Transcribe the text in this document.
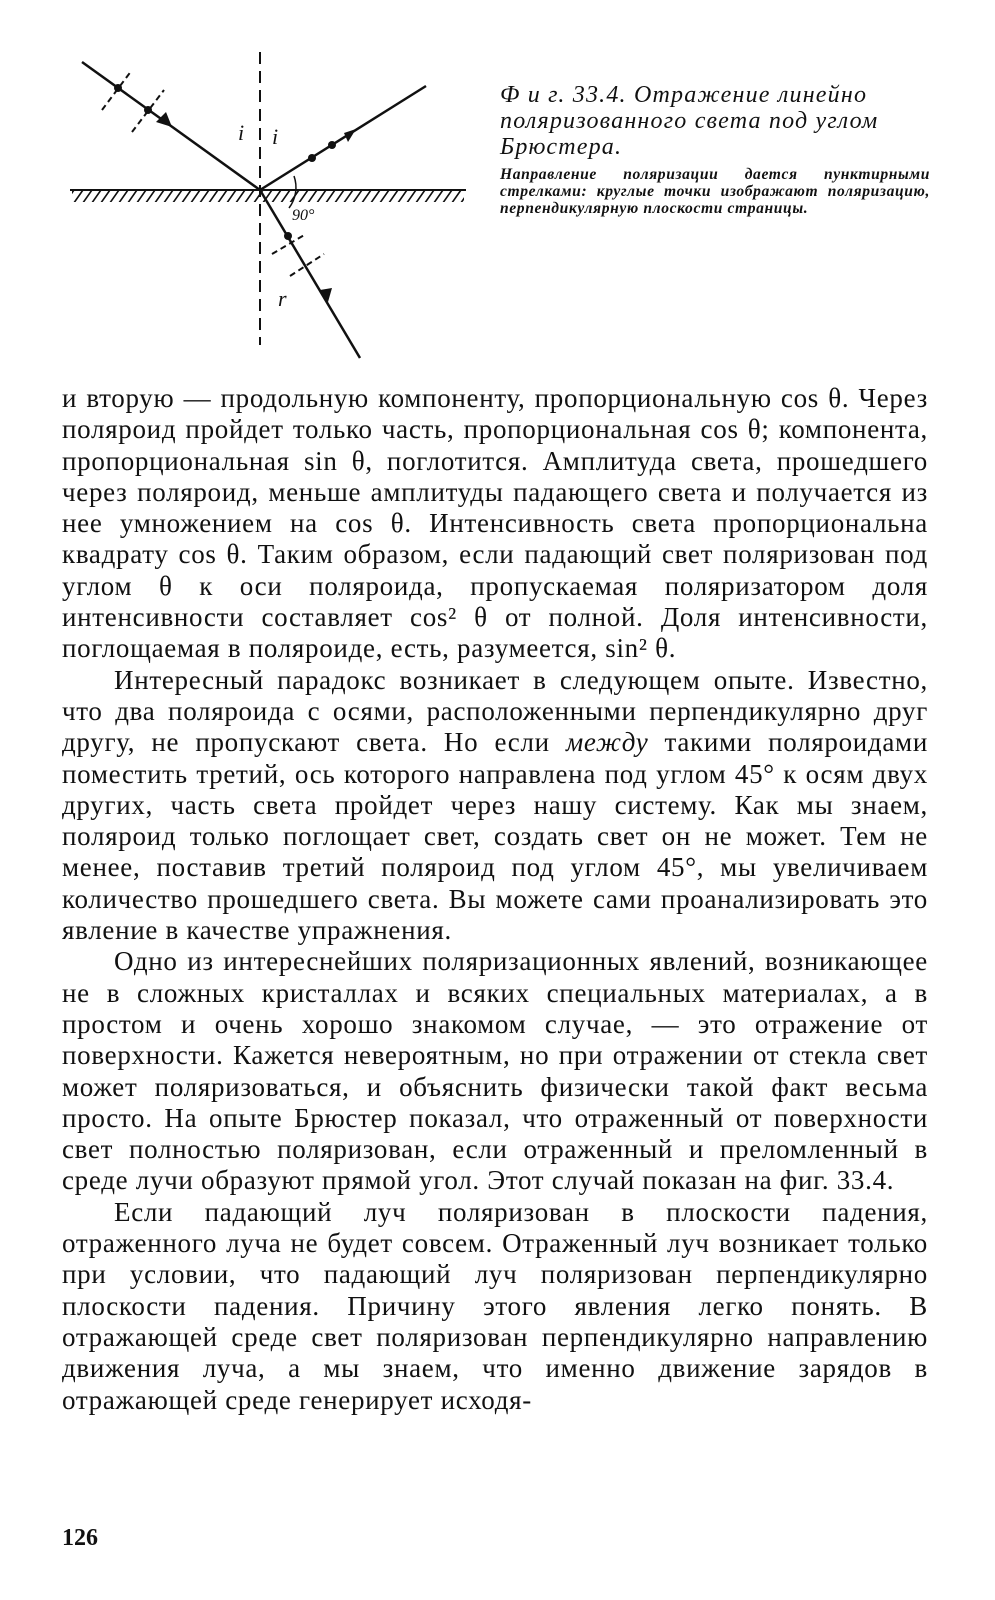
i i
90°
r

Ф и г. 33.4. Отражение линейно поляризованного света под углом Брюстера.

Направление поляризации дается пунктирными стрелками: круглые точки изображают поляризацию, перпендикулярную плоскости страницы.

и вторую — продольную компоненту, пропорциональную cos θ. Через поляроид пройдет только часть, пропорциональная cos θ; компонента, пропорциональная sin θ, поглотится. Амплитуда света, прошедшего через поляроид, меньше амплитуды падающего света и получается из нее умножением на cos θ. Интенсивность света пропорциональна квадрату cos θ. Таким образом, если падающий свет поляризован под углом θ к оси поляроида, пропускаемая поляризатором доля интенсивности составляет cos² θ от полной. Доля интенсивности, поглощаемая в поляроиде, есть, разумеется, sin² θ.

Интересный парадокс возникает в следующем опыте. Известно, что два поляроида с осями, расположенными перпендикулярно друг другу, не пропускают света. Но если между такими поляроидами поместить третий, ось которого направлена под углом 45° к осям двух других, часть света пройдет через нашу систему. Как мы знаем, поляроид только поглощает свет, создать свет он не может. Тем не менее, поставив третий поляроид под углом 45°, мы увеличиваем количество прошедшего света. Вы можете сами проанализировать это явление в качестве упражнения.

Одно из интереснейших поляризационных явлений, возникающее не в сложных кристаллах и всяких специальных материалах, а в простом и очень хорошо знакомом случае, — это отражение от поверхности. Кажется невероятным, но при отражении от стекла свет может поляризоваться, и объяснить физически такой факт весьма просто. На опыте Брюстер показал, что отраженный от поверхности свет полностью поляризован, если отраженный и преломленный в среде лучи образуют прямой угол. Этот случай показан на фиг. 33.4.

Если падающий луч поляризован в плоскости падения, отраженного луча не будет совсем. Отраженный луч возникает только при условии, что падающий луч поляризован перпендикулярно плоскости падения. Причину этого явления легко понять. В отражающей среде свет поляризован перпендикулярно направлению движения луча, а мы знаем, что именно движение зарядов в отражающей среде генерирует исходя-

126
